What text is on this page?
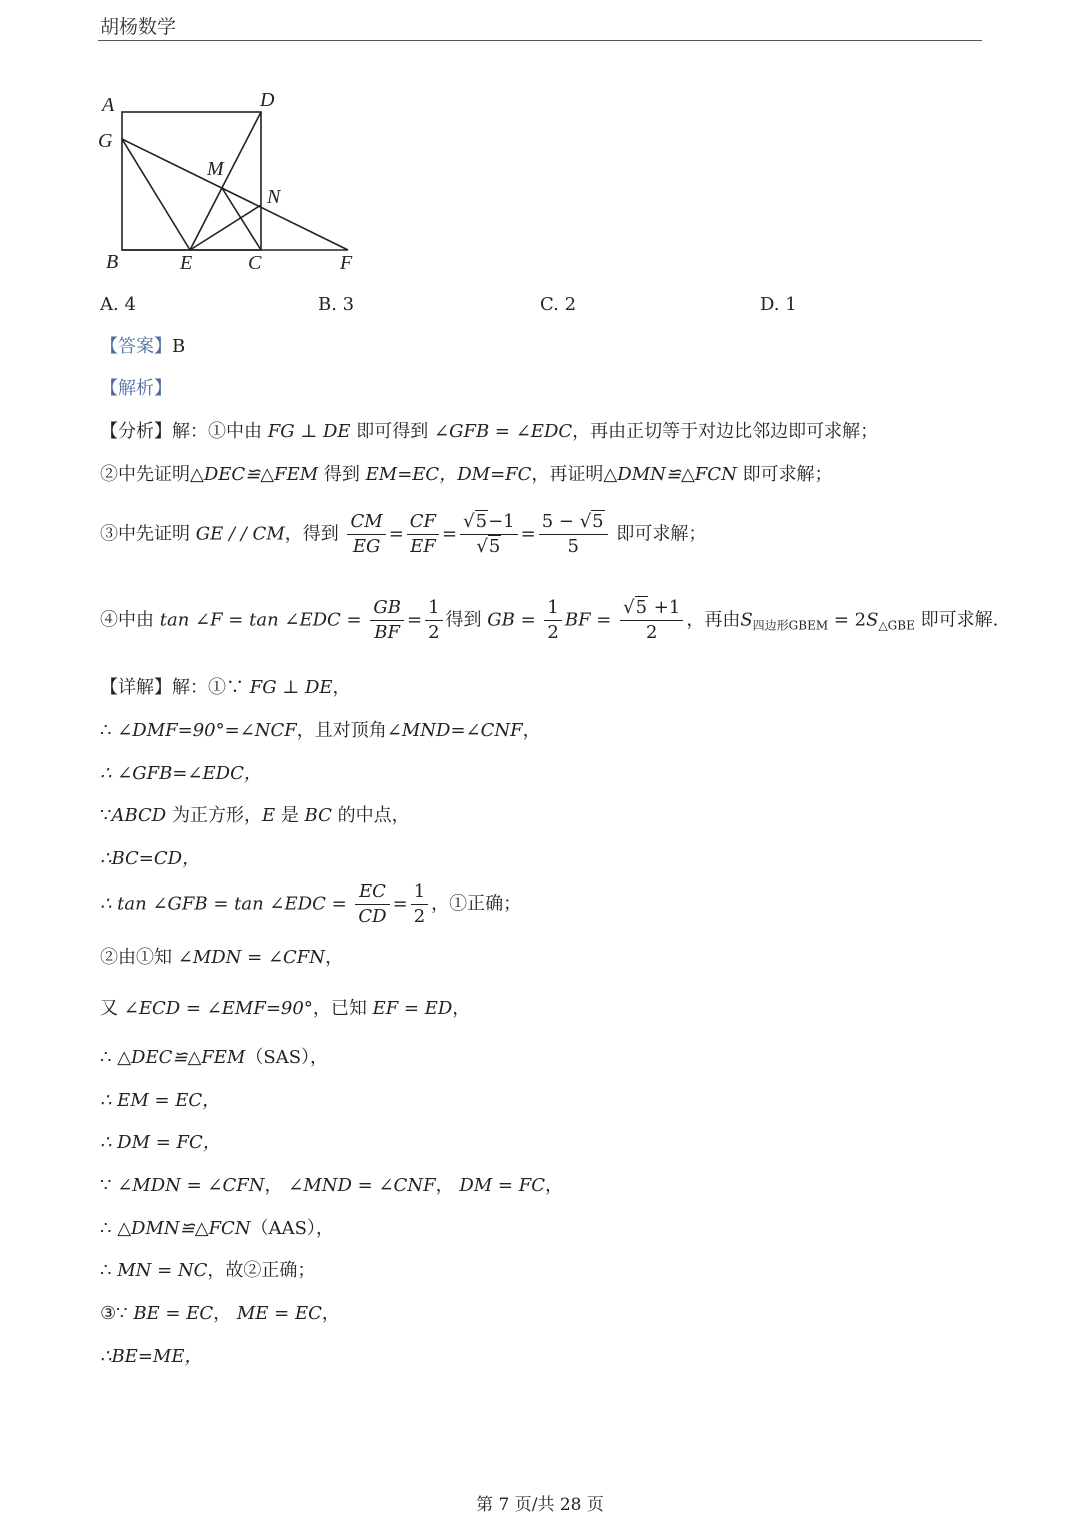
胡杨数学
A	D
G
M
N
B	E	C	F
A. 4	B. 3	C. 2	D. 1
【答案】B
【解析】
【分析】解：①中由 FG ⊥ DE 即可得到 ∠GFB = ∠EDC，再由正切等于对边比邻边即可求解；
②中先证明△DEC≌△FEM 得到 EM=EC，DM=FC，再证明△DMN≌△FCN 即可求解；
③中先证明 GE / / CM，得到 $\frac{CM}{EG} = \frac{CF}{EF} = \frac{√5-1}{√5} = \frac{5 - √5}{5}$ 即可求解；
④中由 tan ∠F = tan ∠EDC = $\frac{GB}{BF} = \frac{1}{2}$ 得到 GB = $\frac{1}{2}$ BF = $\frac{√5 +1}{2}$ ，再由$S_{四边形GBEM} = 2S_{\triangle GBE}$ 即可求解.
【详解】解：①∵ FG ⊥ DE，
∴ ∠DMF=90°=∠NCF，且对顶角∠MND=∠CNF，
∴ ∠GFB=∠EDC，
∵ABCD 为正方形，E 是 BC 的中点，
∴BC=CD，
∴ tan ∠GFB = tan ∠EDC = $\frac{EC}{CD} = \frac{1}{2}$ ，①正确；
②由①知 ∠MDN = ∠CFN，
又 ∠ECD = ∠EMF=90°，已知 EF = ED，
∴ △DEC≌△FEM（SAS），
∴ EM = EC，
∴ DM = FC，
∵ ∠MDN = ∠CFN， ∠MND = ∠CNF， DM = FC，
∴ △DMN≌△FCN（AAS），
∴ MN = NC，故②正确；
③∵ BE = EC， ME = EC，
∴BE=ME，
第 7 页/共 28 页
